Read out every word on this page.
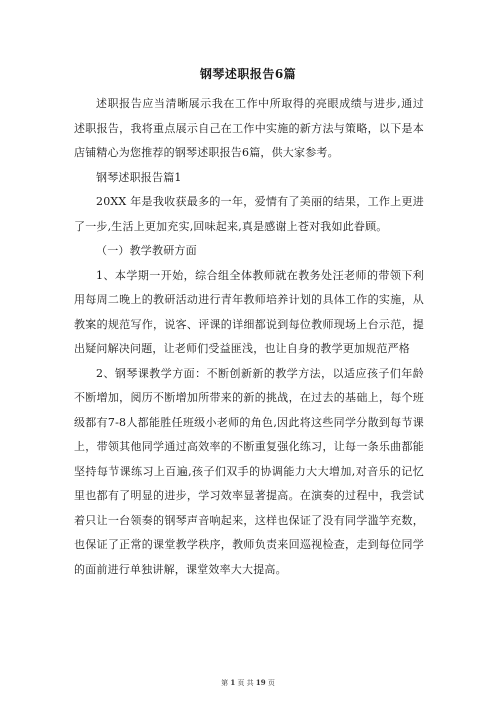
钢琴述职报告6篇

述职报告应当清晰展示我在工作中所取得的亮眼成绩与进步,通过述职报告，我将重点展示自己在工作中实施的新方法与策略，以下是本店铺精心为您推荐的钢琴述职报告6篇，供大家参考。

钢琴述职报告篇1

20XX 年是我收获最多的一年，爱情有了美丽的结果，工作上更进了一步,生活上更加充实,回味起来,真是感谢上苍对我如此眷顾。

（一）教学教研方面

1、本学期一开始，综合组全体教师就在教务处汪老师的带领下利用每周二晚上的教研活动进行青年教师培养计划的具体工作的实施，从教案的规范写作，说客、评课的详细都说到每位教师现场上台示范，提出疑问解决问题，让老师们受益匪浅，也让自身的教学更加规范严格

2、钢琴课教学方面：不断创新新的教学方法，以适应孩子们年龄不断增加，阅历不断增加所带来的新的挑战，在过去的基础上，每个班级都有7-8人都能胜任班级小老师的角色,因此将这些同学分散到每节课上，带领其他同学通过高效率的不断重复强化练习，让每一条乐曲都能坚持每节课练习上百遍,孩子们双手的协调能力大大增加,对音乐的记忆里也都有了明显的进步，学习效率显著提高。在演奏的过程中，我尝试着只让一台领奏的钢琴声音响起来，这样也保证了没有同学滥竽充数，也保证了正常的课堂教学秩序，教师负责来回巡视检查，走到每位同学的面前进行单独讲解，课堂效率大大提高。

第 1 页 共 19 页
